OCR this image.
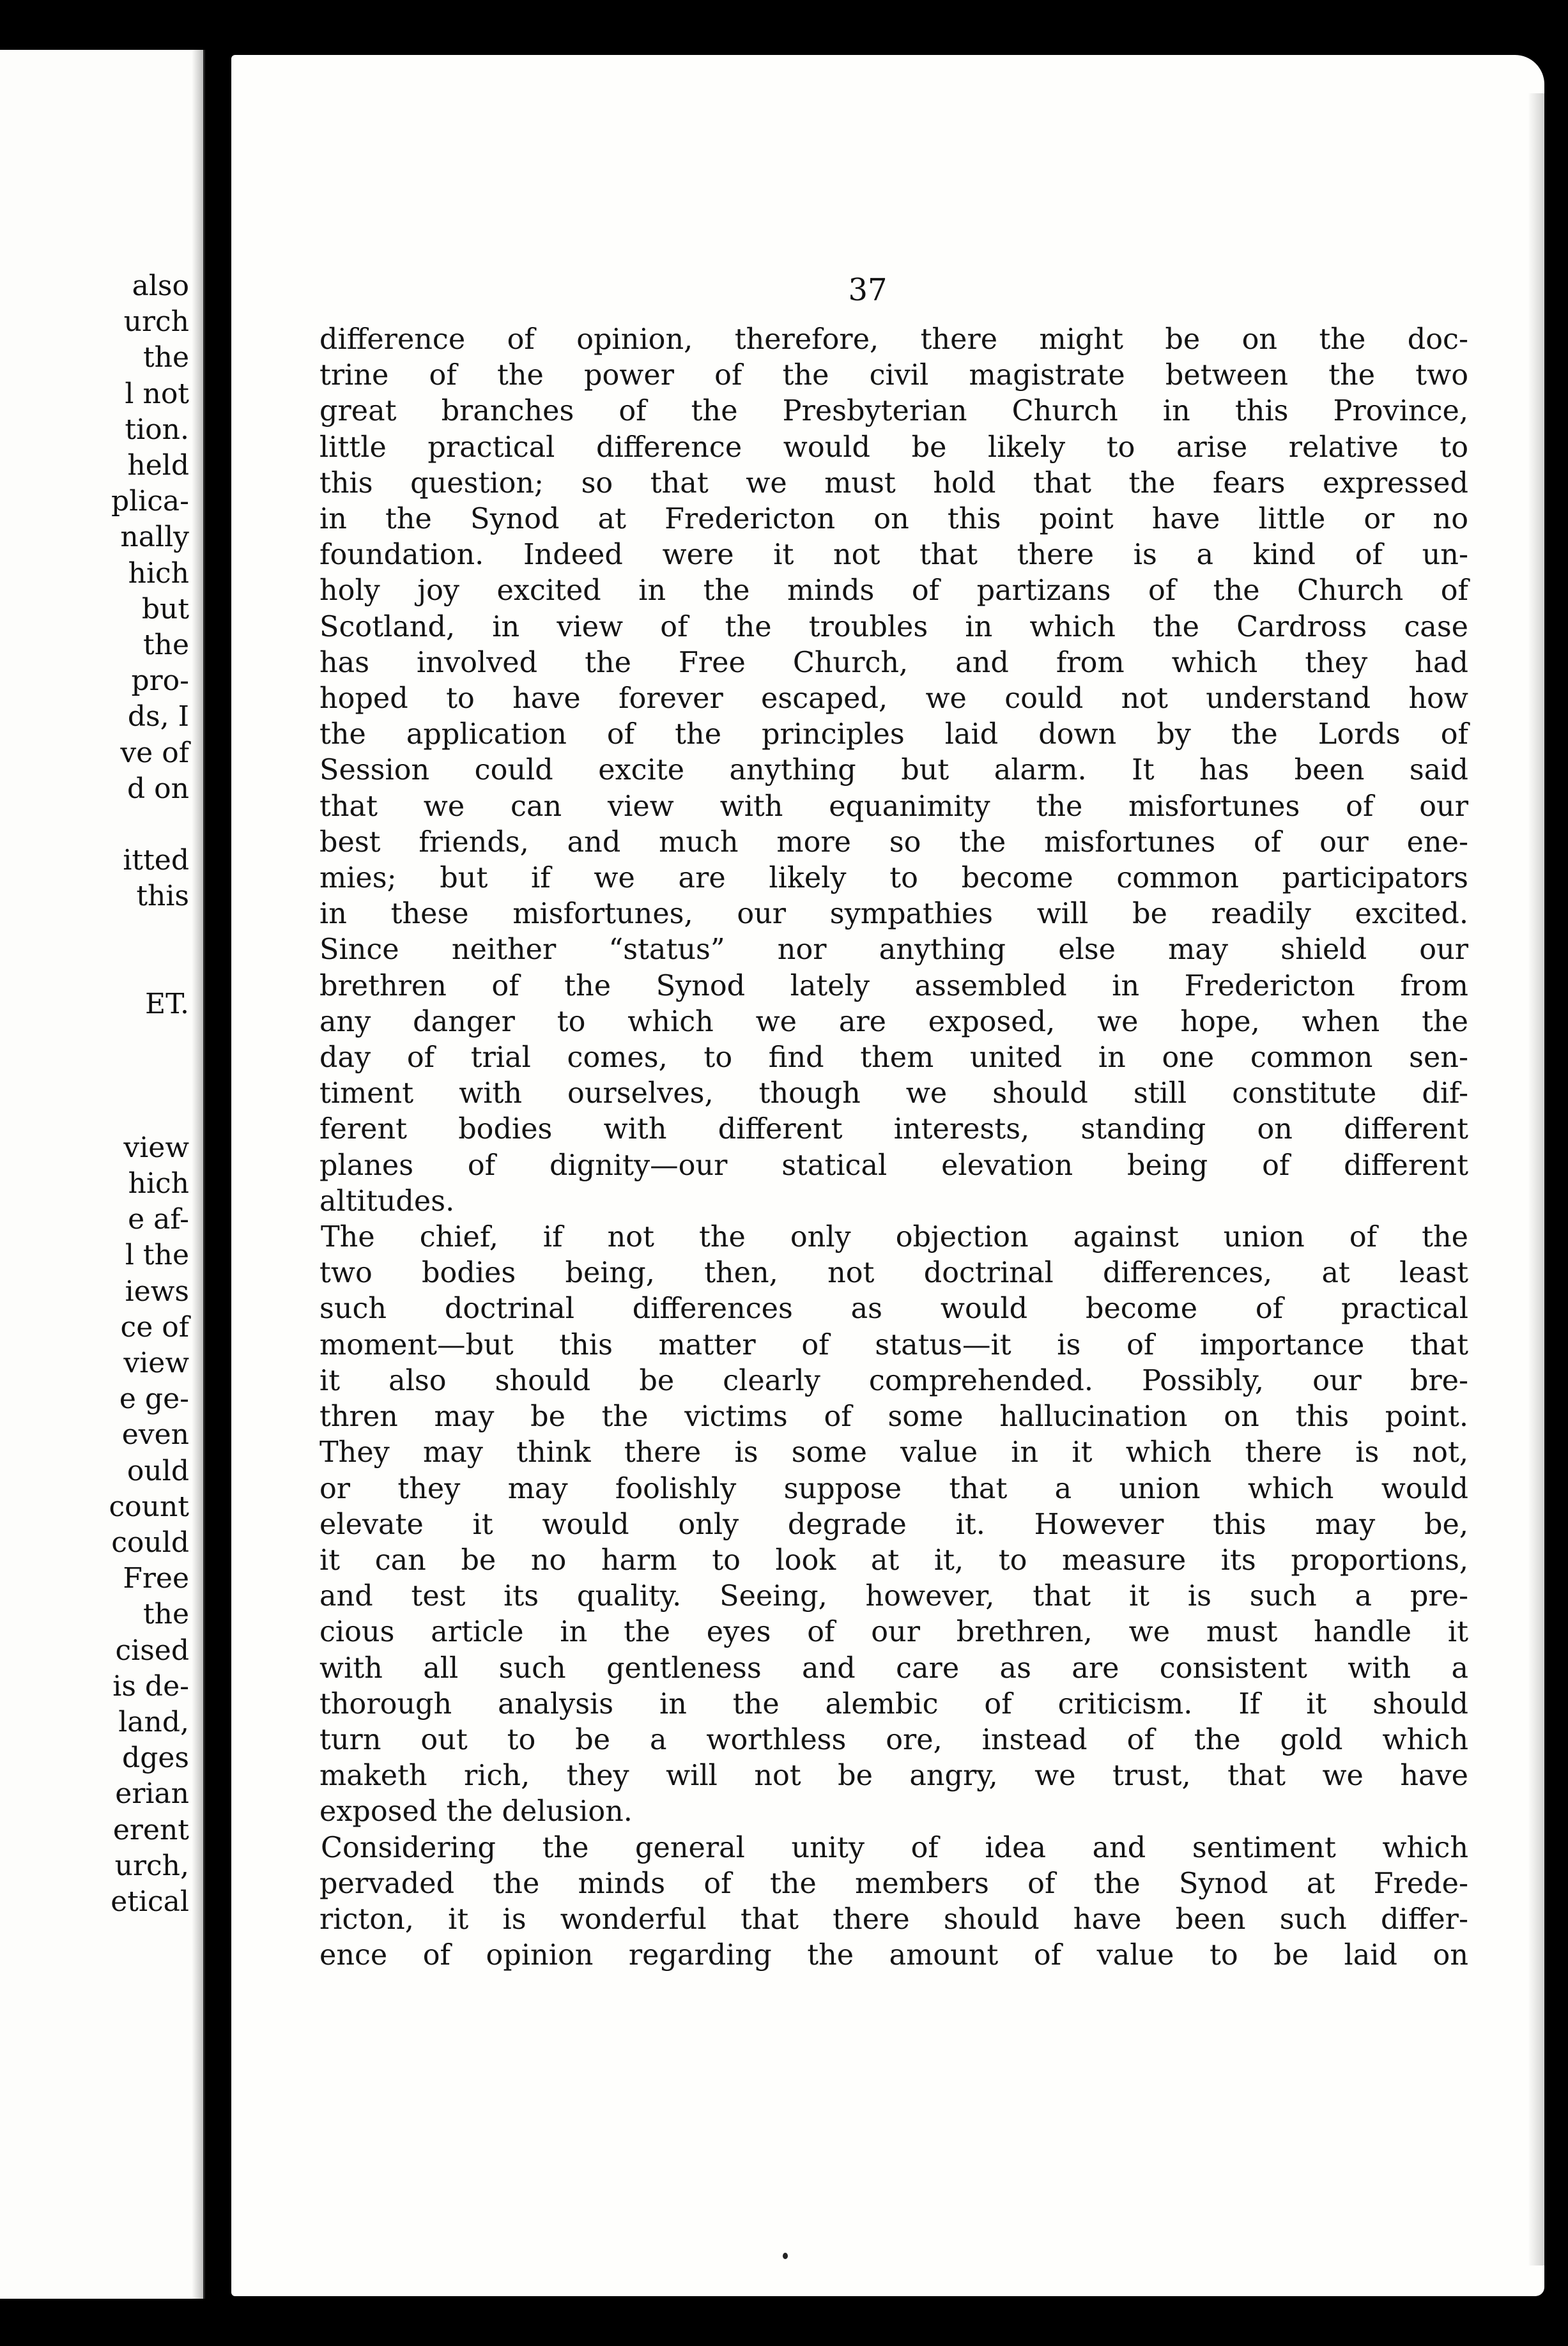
also
urch
the
l not
tion.
held
plica-
nally
hich
but
the
pro-
ds, I
ve of
d on
itted
this
ET.
view
hich
e af-
l the
iews
ce of
view
e ge-
even
ould
count
could
Free
the
cised
is de-
land,
dges
erian
erent
urch,
etical
37

difference of opinion, therefore, there might be on the doc-

trine of the power of the civil magistrate between the two

great branches of the Presbyterian Church in this Province,

little practical difference would be likely to arise relative to

this question; so that we must hold that the fears expressed

in the Synod at Fredericton on this point have little or no

foundation. Indeed were it not that there is a kind of un-

holy joy excited in the minds of partizans of the Church of

Scotland, in view of the troubles in which the Cardross case

has involved the Free Church, and from which they had

hoped to have forever escaped, we could not understand how

the application of the principles laid down by the Lords of

Session could excite anything but alarm. It has been said

that we can view with equanimity the misfortunes of our

best friends, and much more so the misfortunes of our ene-

mies; but if we are likely to become common participators

in these misfortunes, our sympathies will be readily excited.

Since neither “status” nor anything else may shield our

brethren of the Synod lately assembled in Fredericton from

any danger to which we are exposed, we hope, when the

day of trial comes, to find them united in one common sen-

timent with ourselves, though we should still constitute dif-

ferent bodies with different interests, standing on different

planes of dignity—our statical elevation being of different

altitudes.

The chief, if not the only objection against union of the

two bodies being, then, not doctrinal differences, at least

such doctrinal differences as would become of practical

moment—but this matter of status—it is of importance that

it also should be clearly comprehended. Possibly, our bre-

thren may be the victims of some hallucination on this point.

They may think there is some value in it which there is not,

or they may foolishly suppose that a union which would

elevate it would only degrade it. However this may be,

it can be no harm to look at it, to measure its proportions,

and test its quality. Seeing, however, that it is such a pre-

cious article in the eyes of our brethren, we must handle it

with all such gentleness and care as are consistent with a

thorough analysis in the alembic of criticism. If it should

turn out to be a worthless ore, instead of the gold which

maketh rich, they will not be angry, we trust, that we have

exposed the delusion.

Considering the general unity of idea and sentiment which

pervaded the minds of the members of the Synod at Frede-

ricton, it is wonderful that there should have been such differ-

ence of opinion regarding the amount of value to be laid on
